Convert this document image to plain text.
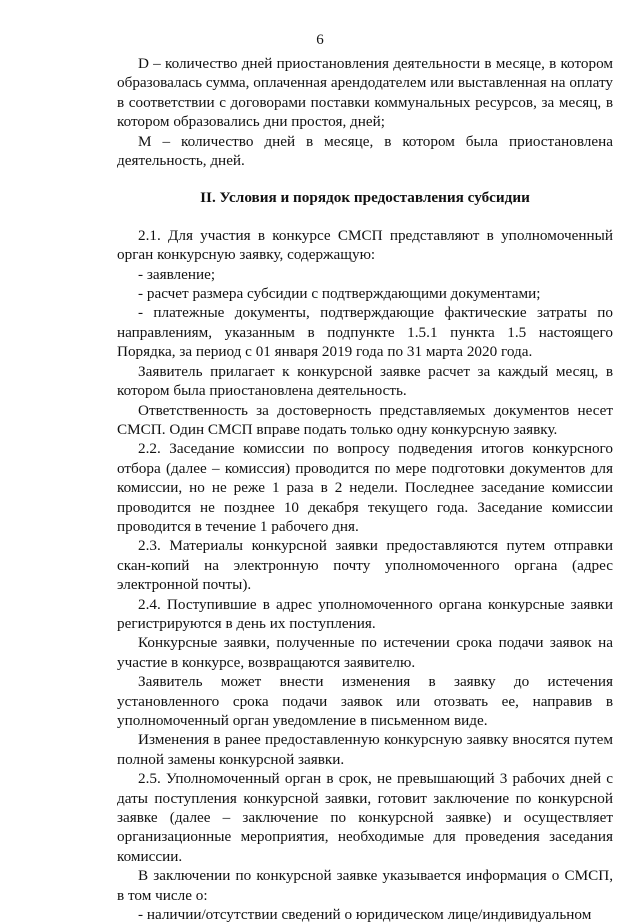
6

D – количество дней приостановления деятельности в месяце, в котором образовалась сумма, оплаченная арендодателем или выставленная на оплату в соответствии с договорами поставки коммунальных ресурсов, за месяц, в котором образовались дни простоя, дней;

M – количество дней в месяце, в котором была приостановлена деятельность, дней.

II. Условия и порядок предоставления субсидии

2.1. Для участия в конкурсе СМСП представляют в уполномоченный орган конкурсную заявку, содержащую:

- заявление;

- расчет размера субсидии с подтверждающими документами;

- платежные документы, подтверждающие фактические затраты по направлениям, указанным в подпункте 1.5.1 пункта 1.5 настоящего Порядка, за период с 01 января 2019 года по 31 марта 2020 года.

Заявитель прилагает к конкурсной заявке расчет за каждый месяц, в котором была приостановлена деятельность.

Ответственность за достоверность представляемых документов несет СМСП. Один СМСП вправе подать только одну конкурсную заявку.

2.2. Заседание комиссии по вопросу подведения итогов конкурсного отбора (далее – комиссия) проводится по мере подготовки документов для комиссии, но не реже 1 раза в 2 недели. Последнее заседание комиссии проводится не позднее 10 декабря текущего года. Заседание комиссии проводится в течение 1 рабочего дня.

2.3. Материалы конкурсной заявки предоставляются путем отправки скан-копий на электронную почту уполномоченного органа (адрес электронной почты).

2.4. Поступившие в адрес уполномоченного органа конкурсные заявки регистрируются в день их поступления.

Конкурсные заявки, полученные по истечении срока подачи заявок на участие в конкурсе, возвращаются заявителю.

Заявитель может внести изменения в заявку до истечения установленного срока подачи заявок или отозвать ее, направив в уполномоченный орган уведомление в письменном виде.

Изменения в ранее предоставленную конкурсную заявку вносятся путем полной замены конкурсной заявки.

2.5. Уполномоченный орган в срок, не превышающий 3 рабочих дней с даты поступления конкурсной заявки, готовит заключение по конкурсной заявке (далее – заключение по конкурсной заявке) и осуществляет организационные мероприятия, необходимые для проведения заседания комиссии.

В заключении по конкурсной заявке указывается информация о СМСП, в том числе о:

- наличии/отсутствии сведений о юридическом лице/индивидуальном
